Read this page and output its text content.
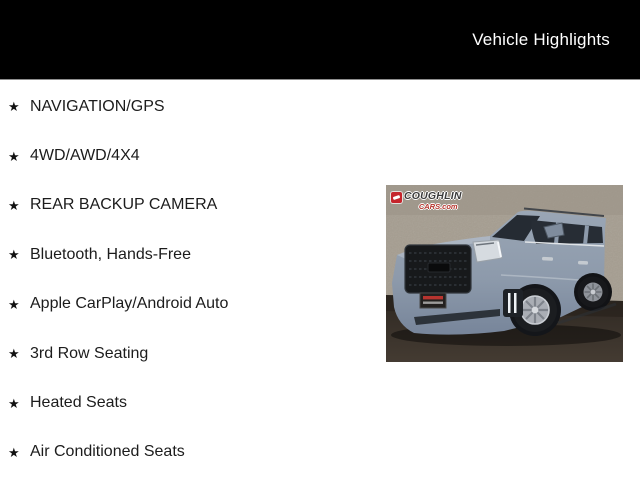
Vehicle Highlights
★ NAVIGATION/GPS
★ 4WD/AWD/4X4
★ REAR BACKUP CAMERA
★ Bluetooth, Hands-Free
★ Apple CarPlay/Android Auto
★ 3rd Row Seating
★ Heated Seats
★ Air Conditioned Seats
COUGHLIN
CARS.com
